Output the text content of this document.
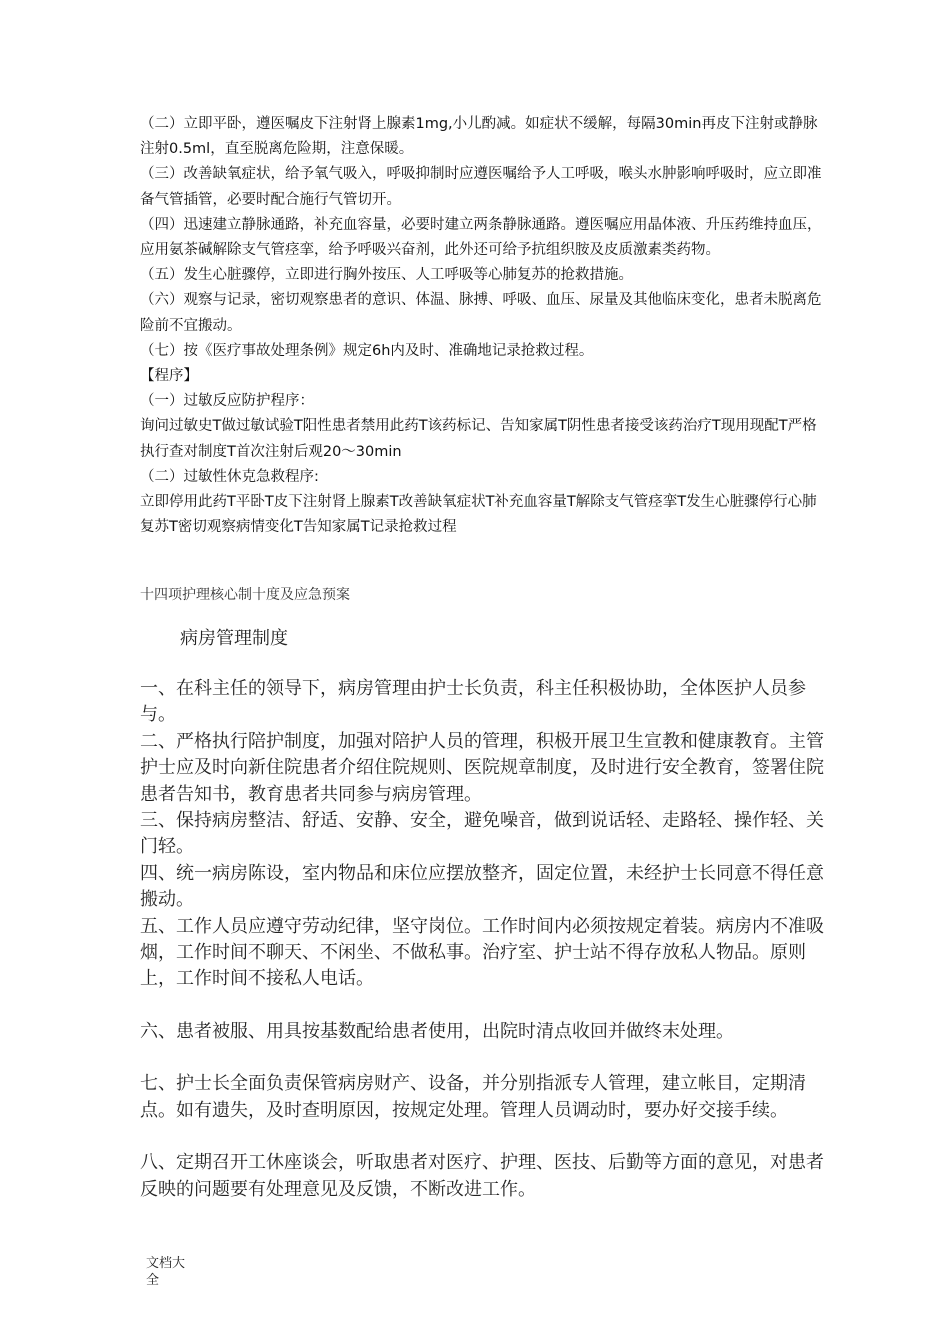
（二）立即平卧，遵医嘱皮下注射肾上腺素1mg,小儿酌减。如症状不缓解，每隔30min再皮下注射或静脉注射0.5ml，直至脱离危险期，注意保暖。

（三）改善缺氧症状，给予氧气吸入，呼吸抑制时应遵医嘱给予人工呼吸，喉头水肿影响呼吸时，应立即准备气管插管，必要时配合施行气管切开。

（四）迅速建立静脉通路，补充血容量，必要时建立两条静脉通路。遵医嘱应用晶体液、升压药维持血压，应用氨茶碱解除支气管痉挛，给予呼吸兴奋剂，此外还可给予抗组织胺及皮质激素类药物。

（五）发生心脏骤停，立即进行胸外按压、人工呼吸等心肺复苏的抢救措施。

（六）观察与记录，密切观察患者的意识、体温、脉搏、呼吸、血压、尿量及其他临床变化，患者未脱离危险前不宜搬动。

（七）按《医疗事故处理条例》规定6h内及时、准确地记录抢救过程。

【程序】

（一）过敏反应防护程序：

询问过敏史T做过敏试验T阳性患者禁用此药T该药标记、告知家属T阴性患者接受该药治疗T现用现配T严格执行查对制度T首次注射后观20〜30min

（二）过敏性休克急救程序:

立即停用此药T平卧T皮下注射肾上腺素T改善缺氧症状T补充血容量T解除支气管痉挛T发生心脏骤停行心肺复苏T密切观察病情变化T告知家属T记录抢救过程

十四项护理核心制十度及应急预案
病房管理制度

一、在科主任的领导下，病房管理由护士长负责，科主任积极协助，全体医护人员参与。

二、严格执行陪护制度，加强对陪护人员的管理，积极开展卫生宣教和健康教育。主管护士应及时向新住院患者介绍住院规则、医院规章制度，及时进行安全教育，签署住院患者告知书，教育患者共同参与病房管理。

三、保持病房整洁、舒适、安静、安全，避免噪音，做到说话轻、走路轻、操作轻、关门轻。

四、统一病房陈设，室内物品和床位应摆放整齐，固定位置，未经护士长同意不得任意搬动。

五、工作人员应遵守劳动纪律，坚守岗位。工作时间内必须按规定着装。病房内不准吸烟，工作时间不聊天、不闲坐、不做私事。治疗室、护士站不得存放私人物品。原则上，工作时间不接私人电话。

六、患者被服、用具按基数配给患者使用，出院时清点收回并做终末处理。

七、护士长全面负责保管病房财产、设备，并分别指派专人管理，建立帐目，定期清点。如有遗失，及时查明原因，按规定处理。管理人员调动时，要办好交接手续。

八、定期召开工休座谈会，听取患者对医疗、护理、医技、后勤等方面的意见，对患者反映的问题要有处理意见及反馈，不断改进工作。

文档大全
